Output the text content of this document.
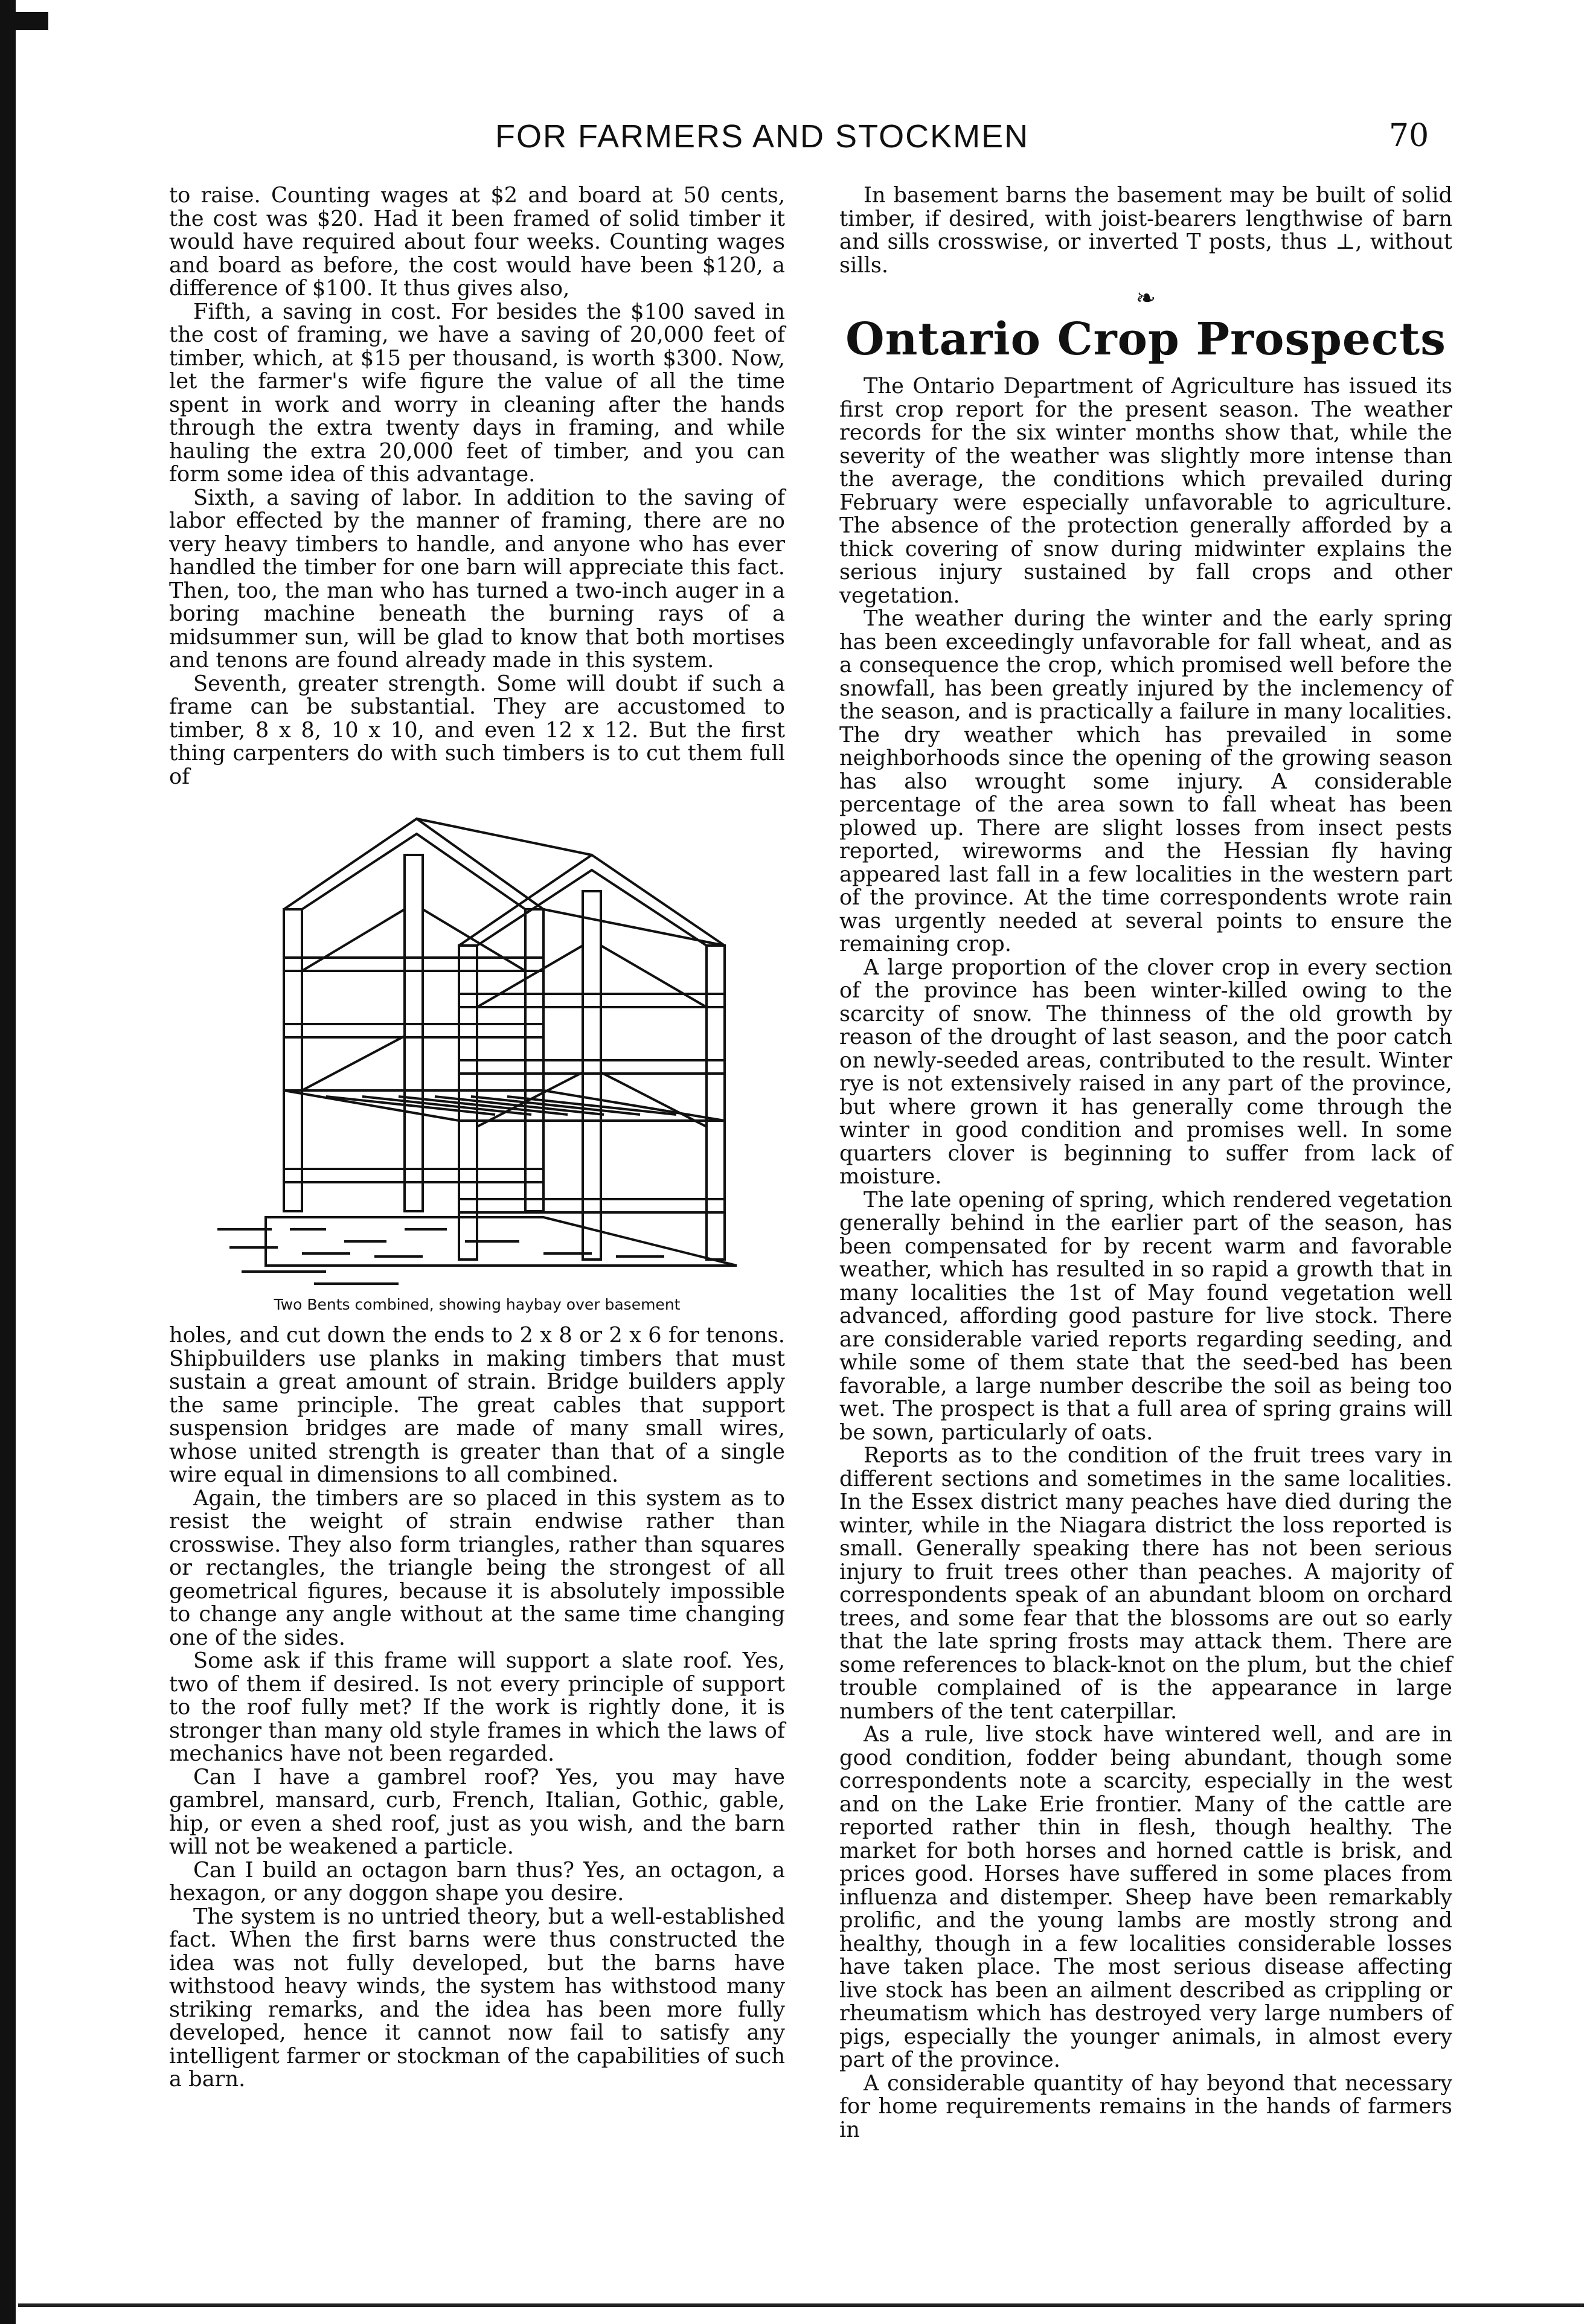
FOR FARMERS AND STOCKMEN	70

to raise. Counting wages at $2 and board at 50 cents, the cost was $20. Had it been framed of solid timber it would have required about four weeks. Counting wages and board as before, the cost would have been $120, a difference of $100. It thus gives also,

Fifth, a saving in cost. For besides the $100 saved in the cost of framing, we have a saving of 20,000 feet of timber, which, at $15 per thousand, is worth $300. Now, let the farmer's wife figure the value of all the time spent in work and worry in cleaning after the hands through the extra twenty days in framing, and while hauling the extra 20,000 feet of timber, and you can form some idea of this advantage.

Sixth, a saving of labor. In addition to the saving of labor effected by the manner of framing, there are no very heavy timbers to handle, and anyone who has ever handled the timber for one barn will appreciate this fact. Then, too, the man who has turned a two-inch auger in a boring machine beneath the burning rays of a midsummer sun, will be glad to know that both mortises and tenons are found already made in this system.

Seventh, greater strength. Some will doubt if such a frame can be substantial. They are accustomed to timber, 8 x 8, 10 x 10, and even 12 x 12. But the first thing carpenters do with such timbers is to cut them full of

Two Bents combined, showing haybay over basement

holes, and cut down the ends to 2 x 8 or 2 x 6 for tenons. Shipbuilders use planks in making timbers that must sustain a great amount of strain. Bridge builders apply the same principle. The great cables that support suspension bridges are made of many small wires, whose united strength is greater than that of a single wire equal in dimensions to all combined.

Again, the timbers are so placed in this system as to resist the weight of strain endwise rather than crosswise. They also form triangles, rather than squares or rectangles, the triangle being the strongest of all geometrical figures, because it is absolutely impossible to change any angle without at the same time changing one of the sides.

Some ask if this frame will support a slate roof. Yes, two of them if desired. Is not every principle of support to the roof fully met? If the work is rightly done, it is stronger than many old style frames in which the laws of mechanics have not been regarded.

Can I have a gambrel roof? Yes, you may have gambrel, mansard, curb, French, Italian, Gothic, gable, hip, or even a shed roof, just as you wish, and the barn will not be weakened a particle.

Can I build an octagon barn thus? Yes, an octagon, a hexagon, or any doggon shape you desire.

The system is no untried theory, but a well-established fact. When the first barns were thus constructed the idea was not fully developed, but the barns have withstood heavy winds, the system has withstood many striking remarks, and the idea has been more fully developed, hence it cannot now fail to satisfy any intelligent farmer or stockman of the capabilities of such a barn.

In basement barns the basement may be built of solid timber, if desired, with joist-bearers lengthwise of barn and sills crosswise, or inverted T posts, thus ⊥, without sills.

❧
Ontario Crop Prospects

The Ontario Department of Agriculture has issued its first crop report for the present season. The weather records for the six winter months show that, while the severity of the weather was slightly more intense than the average, the conditions which prevailed during February were especially unfavorable to agriculture. The absence of the protection generally afforded by a thick covering of snow during midwinter explains the serious injury sustained by fall crops and other vegetation.

The weather during the winter and the early spring has been exceedingly unfavorable for fall wheat, and as a consequence the crop, which promised well before the snowfall, has been greatly injured by the inclemency of the season, and is practically a failure in many localities. The dry weather which has prevailed in some neighborhoods since the opening of the growing season has also wrought some injury. A considerable percentage of the area sown to fall wheat has been plowed up. There are slight losses from insect pests reported, wireworms and the Hessian fly having appeared last fall in a few localities in the western part of the province. At the time correspondents wrote rain was urgently needed at several points to ensure the remaining crop.

A large proportion of the clover crop in every section of the province has been winter-killed owing to the scarcity of snow. The thinness of the old growth by reason of the drought of last season, and the poor catch on newly-seeded areas, contributed to the result. Winter rye is not extensively raised in any part of the province, but where grown it has generally come through the winter in good condition and promises well. In some quarters clover is beginning to suffer from lack of moisture.

The late opening of spring, which rendered vegetation generally behind in the earlier part of the season, has been compensated for by recent warm and favorable weather, which has resulted in so rapid a growth that in many localities the 1st of May found vegetation well advanced, affording good pasture for live stock. There are considerable varied reports regarding seeding, and while some of them state that the seed-bed has been favorable, a large number describe the soil as being too wet. The prospect is that a full area of spring grains will be sown, particularly of oats.

Reports as to the condition of the fruit trees vary in different sections and sometimes in the same localities. In the Essex district many peaches have died during the winter, while in the Niagara district the loss reported is small. Generally speaking there has not been serious injury to fruit trees other than peaches. A majority of correspondents speak of an abundant bloom on orchard trees, and some fear that the blossoms are out so early that the late spring frosts may attack them. There are some references to black-knot on the plum, but the chief trouble complained of is the appearance in large numbers of the tent caterpillar.

As a rule, live stock have wintered well, and are in good condition, fodder being abundant, though some correspondents note a scarcity, especially in the west and on the Lake Erie frontier. Many of the cattle are reported rather thin in flesh, though healthy. The market for both horses and horned cattle is brisk, and prices good. Horses have suffered in some places from influenza and distemper. Sheep have been remarkably prolific, and the young lambs are mostly strong and healthy, though in a few localities considerable losses have taken place. The most serious disease affecting live stock has been an ailment described as crippling or rheumatism which has destroyed very large numbers of pigs, especially the younger animals, in almost every part of the province.

A considerable quantity of hay beyond that necessary for home requirements remains in the hands of farmers in
